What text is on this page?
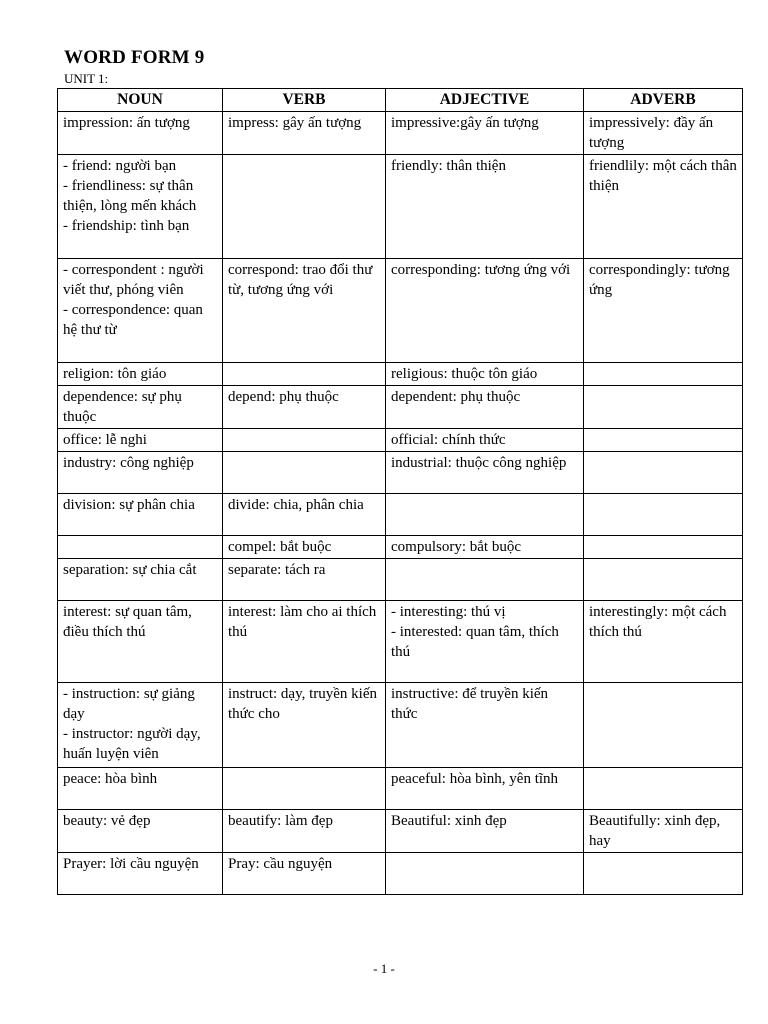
WORD FORM 9
UNIT 1:
NOUN	VERB	ADJECTIVE	ADVERB

impression: ấn tượng	impress: gây ấn tượng	impressive:gây ấn tượng	impressively: đầy ấn tượng

- friend: người bạn
- friendliness: sự thân thiện, lòng mến khách
- friendship: tình bạn		friendly: thân thiện	friendlily: một cách thân thiện

- correspondent : người viết thư, phóng viên
- correspondence: quan hệ thư từ	correspond: trao đổi thư từ, tương ứng với	corresponding: tương ứng với	correspondingly: tương ứng

religion: tôn giáo		religious: thuộc tôn giáo	

dependence: sự phụ thuộc	depend: phụ thuộc	dependent: phụ thuộc	

office: lễ nghi		official: chính thức	

industry: công nghiệp		industrial: thuộc công nghiệp	

division: sự phân chia	divide: chia, phân chia		

	compel: bắt buộc	compulsory: bắt buộc	

separation: sự chia cắt	separate: tách ra		

interest: sự quan tâm, điều thích thú	interest: làm cho ai thích thú	- interesting: thú vị
- interested: quan tâm, thích thú	interestingly: một cách thích thú

- instruction: sự giảng dạy
- instructor: người dạy, huấn luyện viên	instruct: dạy, truyền kiến thức cho	instructive: để truyền kiến thức	

peace: hòa bình		peaceful: hòa bình, yên tĩnh	

beauty: vẻ đẹp	beautify: làm đẹp	Beautiful: xinh đẹp	Beautifully: xinh đẹp, hay

Prayer: lời cầu nguyện	Pray: cầu nguyện		

- 1 -
